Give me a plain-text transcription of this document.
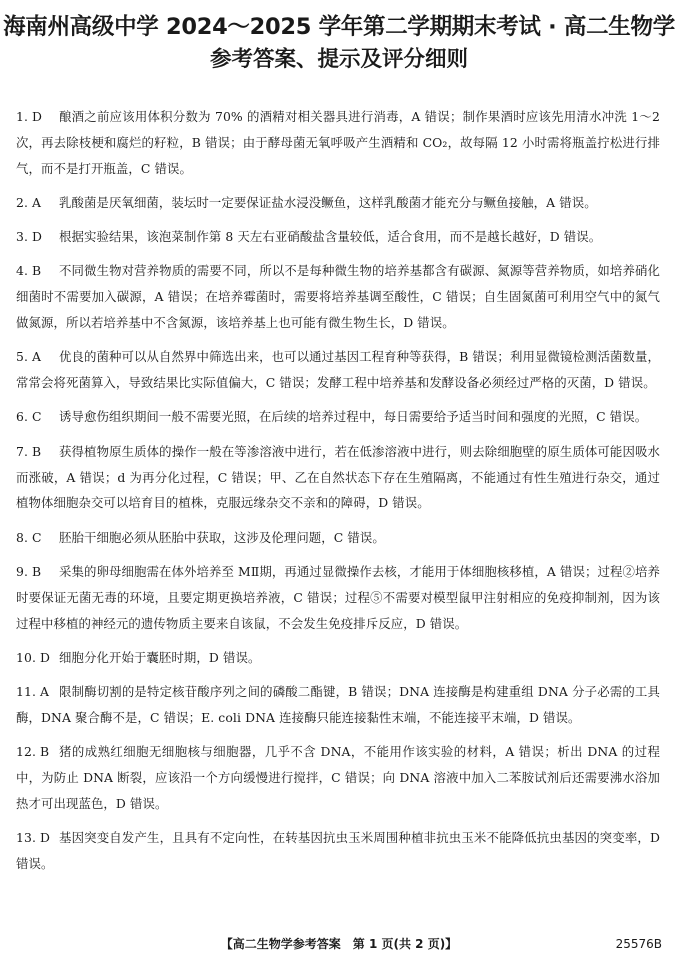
海南州高级中学 2024～2025 学年第二学期期末考试 · 高二生物学
参考答案、提示及评分细则
1. D 酿酒之前应该用体积分数为 70% 的酒精对相关器具进行消毒，A 错误；制作果酒时应该先用清水冲洗 1～2次，再去除枝梗和腐烂的籽粒，B 错误；由于酵母菌无氧呼吸产生酒精和 CO₂，故每隔 12 小时需将瓶盖拧松进行排气，而不是打开瓶盖，C 错误。
2. A 乳酸菌是厌氧细菌，装坛时一定要保证盐水浸没鳜鱼，这样乳酸菌才能充分与鳜鱼接触，A 错误。
3. D 根据实验结果，该泡菜制作第 8 天左右亚硝酸盐含量较低，适合食用，而不是越长越好，D 错误。
4. B 不同微生物对营养物质的需要不同，所以不是每种微生物的培养基都含有碳源、氮源等营养物质，如培养硝化细菌时不需要加入碳源，A 错误；在培养霉菌时，需要将培养基调至酸性，C 错误；自生固氮菌可利用空气中的氮气做氮源，所以若培养基中不含氮源，该培养基上也可能有微生物生长，D 错误。
5. A 优良的菌种可以从自然界中筛选出来，也可以通过基因工程育种等获得，B 错误；利用显微镜检测活菌数量，常常会将死菌算入，导致结果比实际值偏大，C 错误；发酵工程中培养基和发酵设备必须经过严格的灭菌，D 错误。
6. C 诱导愈伤组织期间一般不需要光照，在后续的培养过程中，每日需要给予适当时间和强度的光照，C 错误。
7. B 获得植物原生质体的操作一般在等渗溶液中进行，若在低渗溶液中进行，则去除细胞壁的原生质体可能因吸水而涨破，A 错误；d 为再分化过程，C 错误；甲、乙在自然状态下存在生殖隔离，不能通过有性生殖进行杂交，通过植物体细胞杂交可以培育目的植株，克服远缘杂交不亲和的障碍，D 错误。
8. C 胚胎干细胞必须从胚胎中获取，这涉及伦理问题，C 错误。
9. B 采集的卵母细胞需在体外培养至 MⅡ期，再通过显微操作去核，才能用于体细胞核移植，A 错误；过程②培养时要保证无菌无毒的环境，且要定期更换培养液，C 错误；过程⑤不需要对模型鼠甲注射相应的免疫抑制剂，因为该过程中移植的神经元的遗传物质主要来自该鼠，不会发生免疫排斥反应，D 错误。
10. D 细胞分化开始于囊胚时期，D 错误。
11. A 限制酶切割的是特定核苷酸序列之间的磷酸二酯键，B 错误；DNA 连接酶是构建重组 DNA 分子必需的工具酶，DNA 聚合酶不是，C 错误；E. coli DNA 连接酶只能连接黏性末端，不能连接平末端，D 错误。
12. B 猪的成熟红细胞无细胞核与细胞器，几乎不含 DNA，不能用作该实验的材料，A 错误；析出 DNA 的过程中，为防止 DNA 断裂，应该沿一个方向缓慢进行搅拌，C 错误；向 DNA 溶液中加入二苯胺试剂后还需要沸水浴加热才可出现蓝色，D 错误。
13. D 基因突变自发产生，且具有不定向性，在转基因抗虫玉米周围种植非抗虫玉米不能降低抗虫基因的突变率，D 错误。
【高二生物学参考答案　第 1 页(共 2 页)】	25576B
